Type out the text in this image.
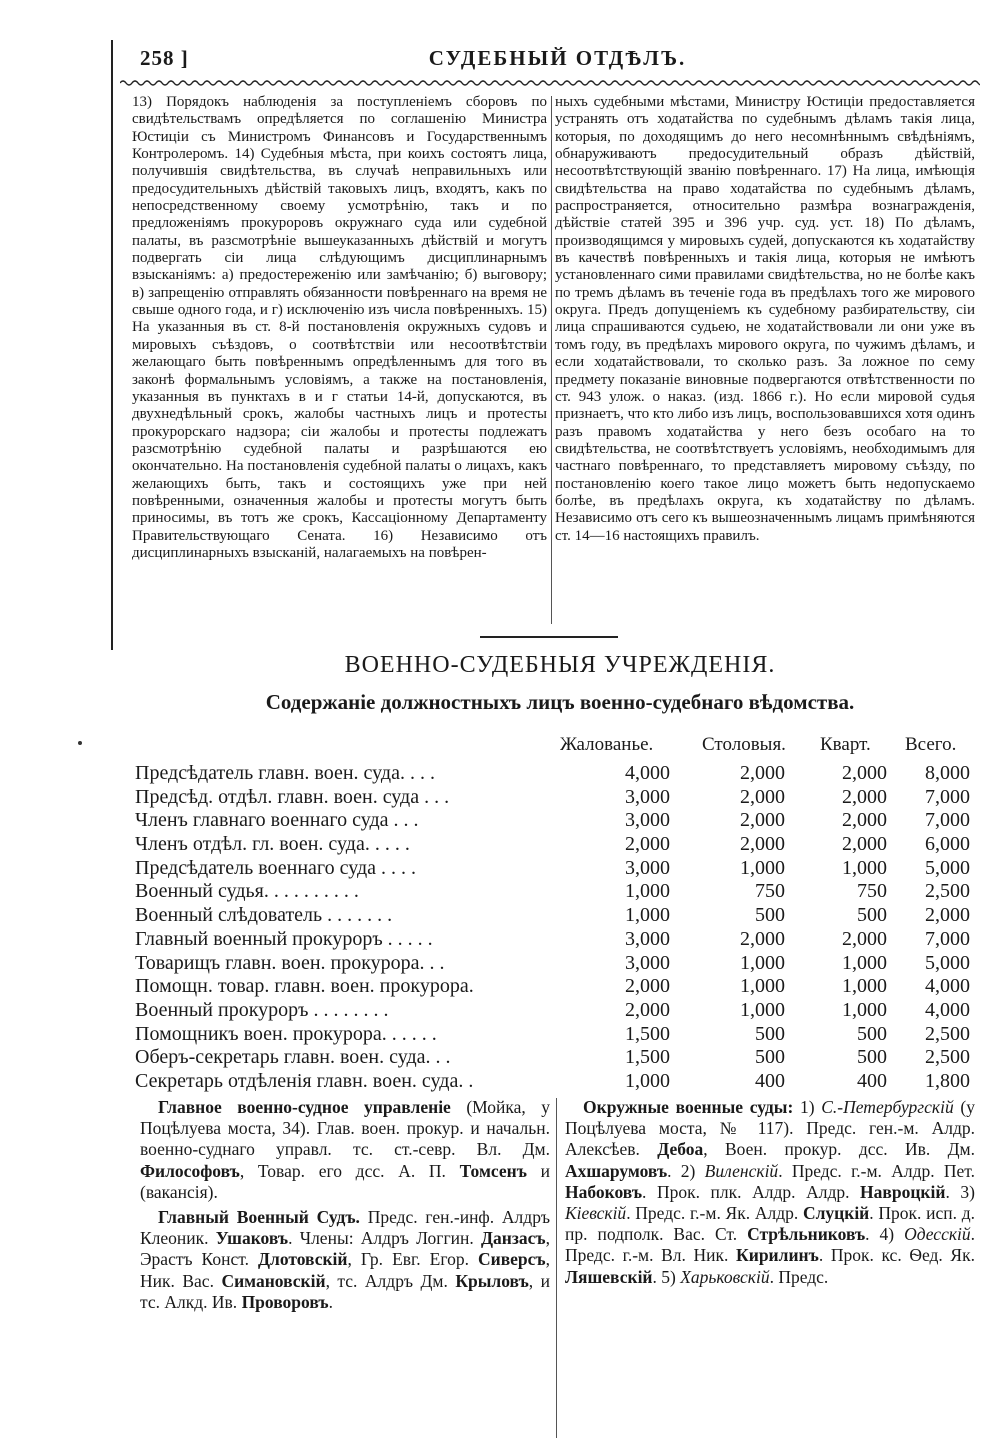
СУДЕБНЫЙ ОТДѢЛЪ.
258 ]
13) Порядокъ наблюденія за поступленіемъ сборовъ по свидѣтельствамъ опредѣляется по соглашенію Министра Юстиціи съ Министромъ Финансовъ и Государственнымъ Контролеромъ. 14) Судебныя мѣста, при коихъ состоятъ лица, получившія свидѣтельства, въ случаѣ неправильныхъ или предосудительныхъ дѣйствій таковыхъ лицъ, входятъ, какъ по непосредственному своему усмотрѣнію, такъ и по предложеніямъ прокуроровъ окружнаго суда или судебной палаты, въ разсмотрѣніе вышеуказанныхъ дѣйствій и могутъ подвергать сіи лица слѣдующимъ дисциплинарнымъ взысканіямъ: а) предостереженію или замѣчанію; б) выговору; в) запрещенію отправлять обязанности повѣреннаго на время не свыше одного года, и г) исключенію изъ числа повѣренныхъ. 15) На указанныя въ ст. 8-й постановленія окружныхъ судовъ и мировыхъ съѣздовъ, о соотвѣтствіи или несоотвѣтствіи желающаго быть повѣреннымъ опредѣленнымъ для того въ законѣ формальнымъ условіямъ, а также на постановленія, указанныя въ пунктахъ в и г статьи 14-й, допускаются, въ двухнедѣльный срокъ, жалобы частныхъ лицъ и протесты прокурорскаго надзора; сіи жалобы и протесты подлежатъ разсмотрѣнію судебной палаты и разрѣшаются ею окончательно. На постановленія судебной палаты о лицахъ, какъ желающихъ быть, такъ и состоящихъ уже при ней повѣренными, означенныя жалобы и протесты могутъ быть приносимы, въ тотъ же срокъ, Кассаціонному Департаменту Правительствующаго Сената. 16) Независимо отъ дисциплинарныхъ взысканій, налагаемыхъ на повѣрен-
ныхъ судебными мѣстами, Министру Юстиціи предоставляется устранять отъ ходатайства по судебнымъ дѣламъ такія лица, которыя, по доходящимъ до него несомнѣннымъ свѣдѣніямъ, обнаруживаютъ предосудительный образъ дѣйствій, несоотвѣтствующій званію повѣреннаго. 17) На лица, имѣющія свидѣтельства на право ходатайства по судебнымъ дѣламъ, распространяется, относительно размѣра вознагражденія, дѣйствіе статей 395 и 396 учр. суд. уст. 18) По дѣламъ, производящимся у мировыхъ судей, допускаются къ ходатайству въ качествѣ повѣренныхъ и такія лица, которыя не имѣютъ установленнаго сими правилами свидѣтельства, но не болѣе какъ по тремъ дѣламъ въ теченіе года въ предѣлахъ того же мирового округа. Предъ допущеніемъ къ судебному разбирательству, сіи лица спрашиваются судьею, не ходатайствовали ли они уже въ томъ году, въ предѣлахъ мирового округа, по чужимъ дѣламъ, и если ходатайствовали, то сколько разъ. За ложное по сему предмету показаніе виновные подвергаются отвѣтственности по ст. 943 улож. о наказ. (изд. 1866 г.). Но если мировой судья признаетъ, что кто либо изъ лицъ, воспользовавшихся хотя одинъ разъ правомъ ходатайства у него безъ особаго на то свидѣтельства, не соотвѣтствуетъ условіямъ, необходимымъ для частнаго повѣреннаго, то представляетъ мировому съѣзду, по постановленію коего такое лицо можетъ быть недопускаемо болѣе, въ предѣлахъ округа, къ ходатайству по дѣламъ. Независимо отъ сего къ вышеозначеннымъ лицамъ примѣняются ст. 14—16 настоящихъ правилъ.
ВОЕННО-СУДЕБНЫЯ УЧРЕЖДЕНІЯ.
Содержаніе должностныхъ лицъ военно-судебнаго вѣдомства.
Жалованье.	Столовыя.	Кварт.	Всего.
Предсѣдатель главн. воен. суда. . . .	4,000	2,000	2,000	8,000
Предсѣд. отдѣл. главн. воен. суда . . .	3,000	2,000	2,000	7,000
Членъ главнаго военнаго суда . . .	3,000	2,000	2,000	7,000
Членъ отдѣл. гл. воен. суда. . . . .	2,000	2,000	2,000	6,000
Предсѣдатель военнаго суда . . . .	3,000	1,000	1,000	5,000
Военный судья. . . . . . . . . .	1,000	750	750	2,500
Военный слѣдователь . . . . . . .	1,000	500	500	2,000
Главный военный прокуроръ . . . . .	3,000	2,000	2,000	7,000
Товарищъ главн. воен. прокурора. . .	3,000	1,000	1,000	5,000
Помощн. товар. главн. воен. прокурора.	2,000	1,000	1,000	4,000
Военный прокуроръ . . . . . . . .	2,000	1,000	1,000	4,000
Помощникъ воен. прокурора. . . . . .	1,500	500	500	2,500
Оберъ-секретарь главн. воен. суда. . .	1,500	500	500	2,500
Секретарь отдѣленія главн. воен. суда. .	1,000	400	400	1,800

Главное военно-судное управленіе (Мойка, у Поцѣлуева моста, 34). Глав. воен. прокур. и начальн. военно-суднаго управл. тс. ст.-севр. Вл. Дм. Философовъ, Товар. его дсс. А. П. Томсенъ и (вакансія).

Главный Военный Судъ. Предс. ген.-инф. Алдръ Клеоник. Ушаковъ. Члены: Алдръ Логгин. Данзасъ, Эрастъ Конст. Длотовскій, Гр. Евг. Егор. Сиверсъ, Ник. Вас. Симановскій, тс. Алдръ Дм. Крыловъ, и тс. Алкд. Ив. Проворовъ.

Окружные военные суды: 1) С.-Петербургскій (у Поцѣлуева моста, № 117). Предс. ген.-м. Алдр. Алексѣев. Дебоа, Воен. прокур. дсс. Ив. Дм. Ахшарумовъ. 2) Виленскій. Предс. г.-м. Алдр. Пет. Набоковъ. Прок. плк. Алдр. Алдр. Навроцкій. 3) Кіевскій. Предс. г.-м. Як. Алдр. Слуцкій. Прок. исп. д. пр. подполк. Вас. Ст. Стрѣльниковъ. 4) Одесскій. Предс. г.-м. Вл. Ник. Кирилинъ. Прок. кс. Ѳед. Як. Ляшевскій. 5) Харьковскій. Предс.
